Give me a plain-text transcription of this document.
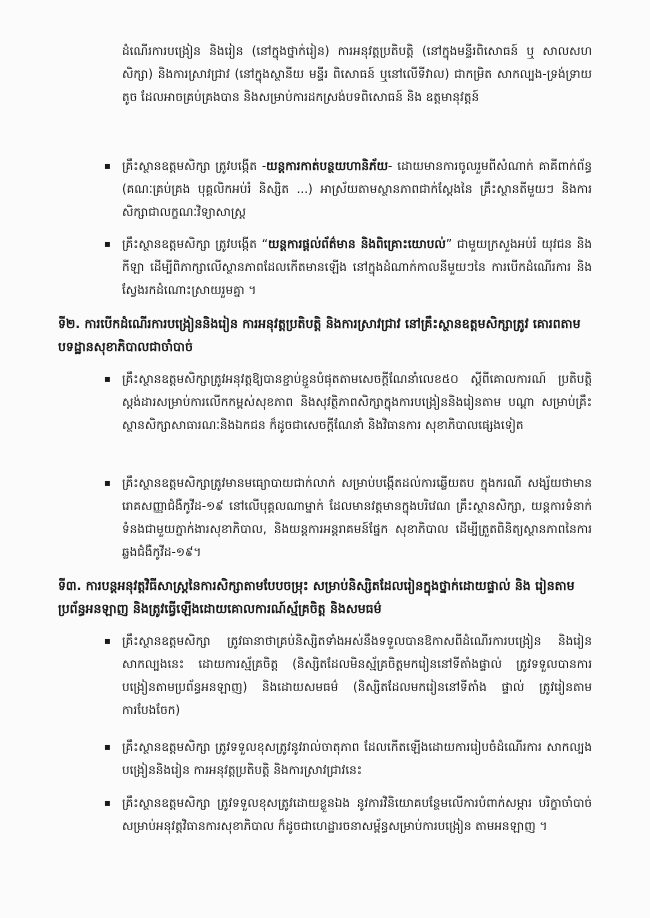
ដំណើរការបង្រៀន និងរៀន (នៅក្នុងថ្នាក់រៀន) ការអនុវត្តប្រតិបត្តិ (នៅក្នុងមន្ទីរពិសោធន៍ ឬ សាលសហសិក្សា) និងការស្រាវជ្រាវ (នៅក្នុងស្ថានីយ មន្ទីរ ពិសោធន៍ ឬនៅលើទីវាល) ជាកម្រិត សាកល្បង-ទ្រង់ទ្រាយតូច ដែលអាចគ្រប់គ្រងបាន និងសម្រាប់ការដកស្រង់បទពិសោធន៍ និង ឧត្តមានុវត្តន៍
▪ គ្រឹះស្ថានឧត្តមសិក្សា ត្រូវបង្កើត -យន្តការកាត់បន្ថយហានិភ័យ- ដោយមានការចូលរួមពីសំណាក់ គាគីពាក់ព័ន្ធ (គណៈគ្រប់គ្រង បុគ្គលិកអប់រំ និស្សិត ...) អាស្រ័យតាមស្ថានភាពជាក់ស្តែងនៃ គ្រឹះស្ថានតីមួយៗ និងការសិក្សាជាលក្ខណៈវិទ្យាសាស្ត្រ
▪ គ្រឹះស្ថានឧត្តមសិក្សា ត្រូវបង្កើត “យន្តការផ្តល់ព័ត៌មាន និងពិគ្រោះយោបល់” ជាមួយក្រសួងអប់រំ យុវជន និងកីឡា ដើម្បីពិភាក្សាលើស្ថានភាពដែលកើតមានឡើង នៅក្នុងដំណាក់កាលនីមួយៗនៃ ការបើកដំណើរការ និងស្វែងរកដំណោះស្រាយរួមគ្នា ។
ទី២. ការបើកដំណើរការបង្រៀននិងរៀន ការអនុវត្តប្រតិបត្តិ និងការស្រាវជ្រាវ នៅគ្រឹះស្ថានឧត្តមសិក្សាត្រូវ គោរពតាមបទដ្ឋានសុខាភិបាលជាចាំបាច់
▪ គ្រឹះស្ថានឧត្តមសិក្សាត្រូវអនុវត្តឱ្យបានខ្ជាប់ខ្ជួនបំផុតតាមសេចក្តីណែនាំលេខ៥០ ស្តីពីគោលការណ៍ ប្រតិបត្តិស្តង់ដារសម្រាប់ការលើកកម្ពស់សុខភាព និងសុវត្ថិភាពសិក្សាក្នុងការបង្រៀននិងរៀនតាម បណ្តា សម្រាប់គ្រឹះស្ថានសិក្សាសាធារណៈនិងឯកជន ក៏ដូចជាសេចក្តីណែនាំ និងវិធានការ សុខាភិបាលផ្សេងទៀត
▪ គ្រឹះស្ថានឧត្តមសិក្សាត្រូវមានមធ្យោបាយជាក់លាក់ សម្រាប់បង្កើតដល់ការឆ្លើយតប ក្នុងករណី សង្ស័យថាមានរោគសញ្ញាជំងឺកូវីដ-១៩ នៅលើបុគ្គលណាម្នាក់ ដែលមានវត្តមានក្នុងបរិវេណ គ្រឹះស្ថានសិក្សា, យន្តការទំនាក់ទំនងជាមួយភ្នាក់ងារសុខាភិបាល, និងយន្តការអន្តរាគមន៍ផ្នែក សុខាភិបាល ដើម្បីត្រួតពិនិត្យស្ថានភាពនៃការឆ្លងជំងឺកូវីដ-១៩។
ទី៣. ការបន្តអនុវត្តវិធីសាស្ត្រនៃការសិក្សាតាមបែបចម្រុះ សម្រាប់និស្សិតដែលរៀនក្នុងថ្នាក់ដោយផ្ទាល់ និង រៀនតាមប្រព័ន្ធអនឡាញ និងត្រូវធ្វើឡើងដោយគោលការណ៍ស្ម័គ្រចិត្ត និងសមធម៌
▪ គ្រឹះស្ថានឧត្តមសិក្សា ត្រូវធានាថាគ្រប់និស្សិតទាំងអស់នឹងទទួលបានឱកាសពីដំណើរការបង្រៀន និងរៀនសាកល្បងនេះ ដោយការស្ម័គ្រចិត្ត (និស្សិតដែលមិនស្ម័គ្រចិត្តមករៀននៅទីតាំងផ្ទាល់ ត្រូវទទួលបានការបង្រៀនតាមប្រព័ន្ធអនឡាញ) និងដោយសមធម៌ (និស្សិតដែលមករៀននៅទីតាំង ផ្ទាល់ ត្រូវរៀនតាមការបែងចែក)
▪ គ្រឹះស្ថានឧត្តមសិក្សា ត្រូវទទួលខុសត្រូវនូវរាល់ចាតុភាព ដែលកើតឡើងដោយការរៀបចំដំណើរការ សាកល្បងបង្រៀននិងរៀន ការអនុវត្តប្រតិបត្តិ និងការស្រាវជ្រាវនេះ
▪ គ្រឹះស្ថានឧត្តមសិក្សា ត្រូវទទួលខុសត្រូវដោយខ្លួនឯង នូវការវិនិយោគបន្ថែមលើការបំពាក់សម្ភារ បរិក្ខាចាំបាច់សម្រាប់អនុវត្តវិធានការសុខាភិបាល ក៏ដូចជាហេដ្ឋារចនាសម្ព័ន្ធសម្រាប់ការបង្រៀន តាមអនឡាញ ។
